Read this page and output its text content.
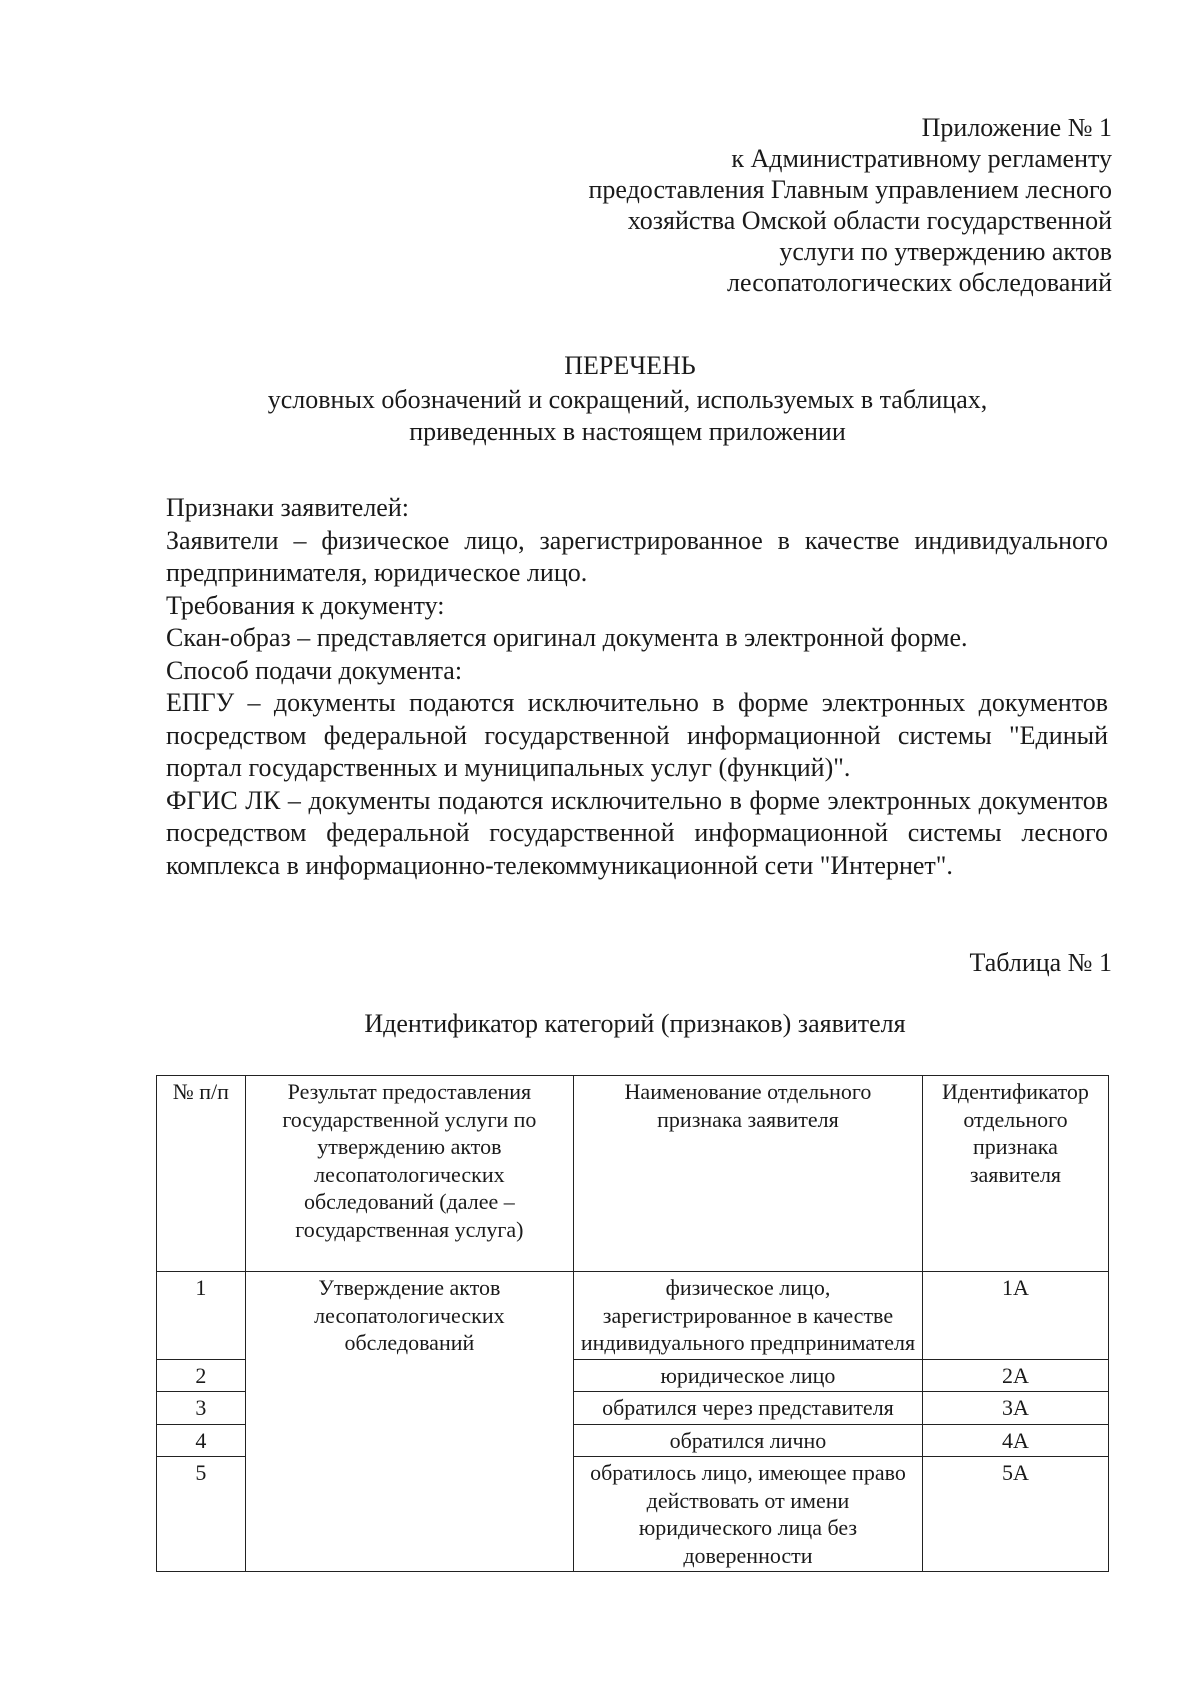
Приложение № 1
к Административному регламенту
предоставления Главным управлением лесного
хозяйства Омской области государственной
услуги по утверждению актов
лесопатологических обследований
ПЕРЕЧЕНЬ
условных обозначений и сокращений, используемых в таблицах,
приведенных в настоящем приложении

Признаки заявителей:

Заявители – физическое лицо, зарегистрированное в качестве индивидуального предпринимателя, юридическое лицо.

Требования к документу:

Скан-образ – представляется оригинал документа в электронной форме.

Способ подачи документа:

ЕПГУ – документы подаются исключительно в форме электронных документов посредством федеральной государственной информационной системы "Единый портал государственных и муниципальных услуг (функций)".

ФГИС ЛК – документы подаются исключительно в форме электронных документов посредством федеральной государственной информационной системы лесного комплекса в информационно-телекоммуникационной сети "Интернет".

Таблица № 1
Идентификатор категорий (признаков) заявителя
№ п/п	Результат предоставления государственной услуги по утверждению актов лесопатологических обследований (далее – государственная услуга)	Наименование отдельного признака заявителя	Идентификатор отдельного признака заявителя
1	Утверждение актов лесопатологических обследований	физическое лицо, зарегистрированное в качестве индивидуального предпринимателя	1А
2		юридическое лицо	2А
3		обратился через представителя	3А
4		обратился лично	4А
5		обратилось лицо, имеющее право действовать от имени юридического лица без доверенности	5А
